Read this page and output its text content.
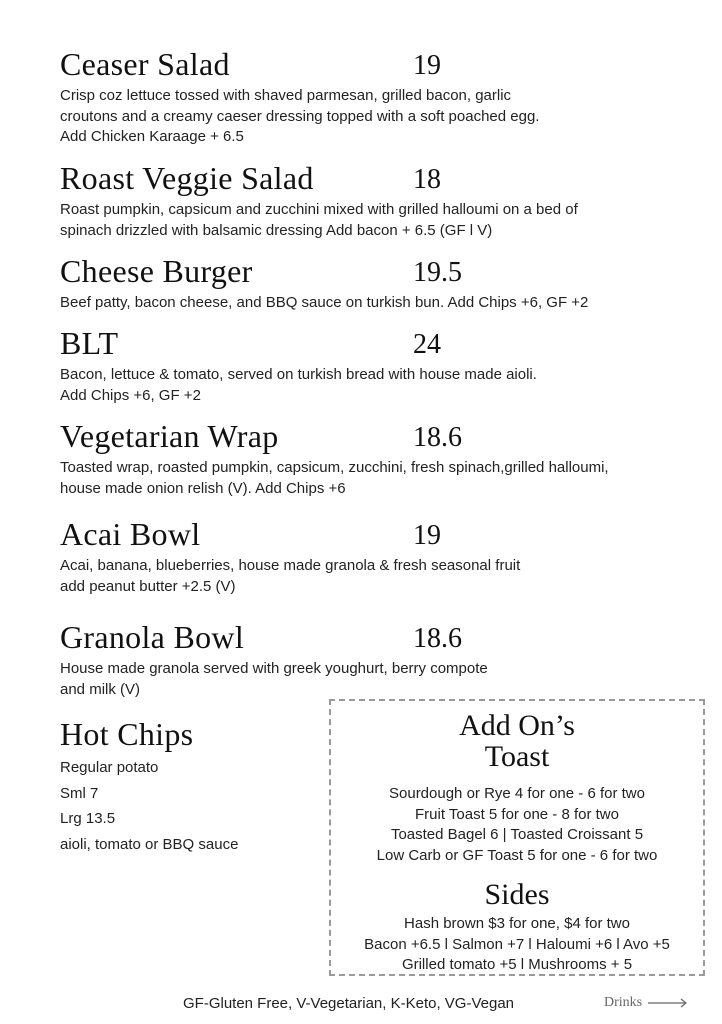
Ceaser Salad	19
Crisp coz lettuce tossed with shaved parmesan, grilled bacon, garlic
croutons and a creamy caeser dressing topped with a soft poached egg.
Add Chicken Karaage + 6.5
Roast Veggie Salad	18
Roast pumpkin, capsicum and zucchini mixed with grilled halloumi on a bed of
spinach drizzled with balsamic dressing Add bacon + 6.5 (GF l V)
Cheese Burger	19.5
Beef patty, bacon cheese, and BBQ sauce on turkish bun. Add Chips +6, GF +2
BLT	24
Bacon, lettuce & tomato, served on turkish bread with house made aioli.
Add Chips +6, GF +2
Vegetarian Wrap	18.6
Toasted wrap, roasted pumpkin, capsicum, zucchini, fresh spinach,grilled halloumi,
house made onion relish (V). Add Chips +6
Acai Bowl	19
Acai, banana, blueberries, house made granola & fresh seasonal fruit
add peanut butter +2.5 (V)
Granola Bowl	18.6
House made granola served with greek youghurt, berry compote
and milk (V)
Hot Chips
Regular potato
Sml 7
Lrg 13.5
aioli, tomato or BBQ sauce
Add On’s
Toast
Sourdough or Rye 4 for one - 6 for two
Fruit Toast 5 for one - 8 for two
Toasted Bagel 6 | Toasted Croissant 5
Low Carb or GF Toast 5 for one - 6 for two
Sides
Hash brown $3 for one, $4 for two
Bacon +6.5 l Salmon +7 l Haloumi +6 l Avo +5
Grilled tomato +5 l Mushrooms + 5
GF-Gluten Free, V-Vegetarian, K-Keto, VG-Vegan	Drinks
